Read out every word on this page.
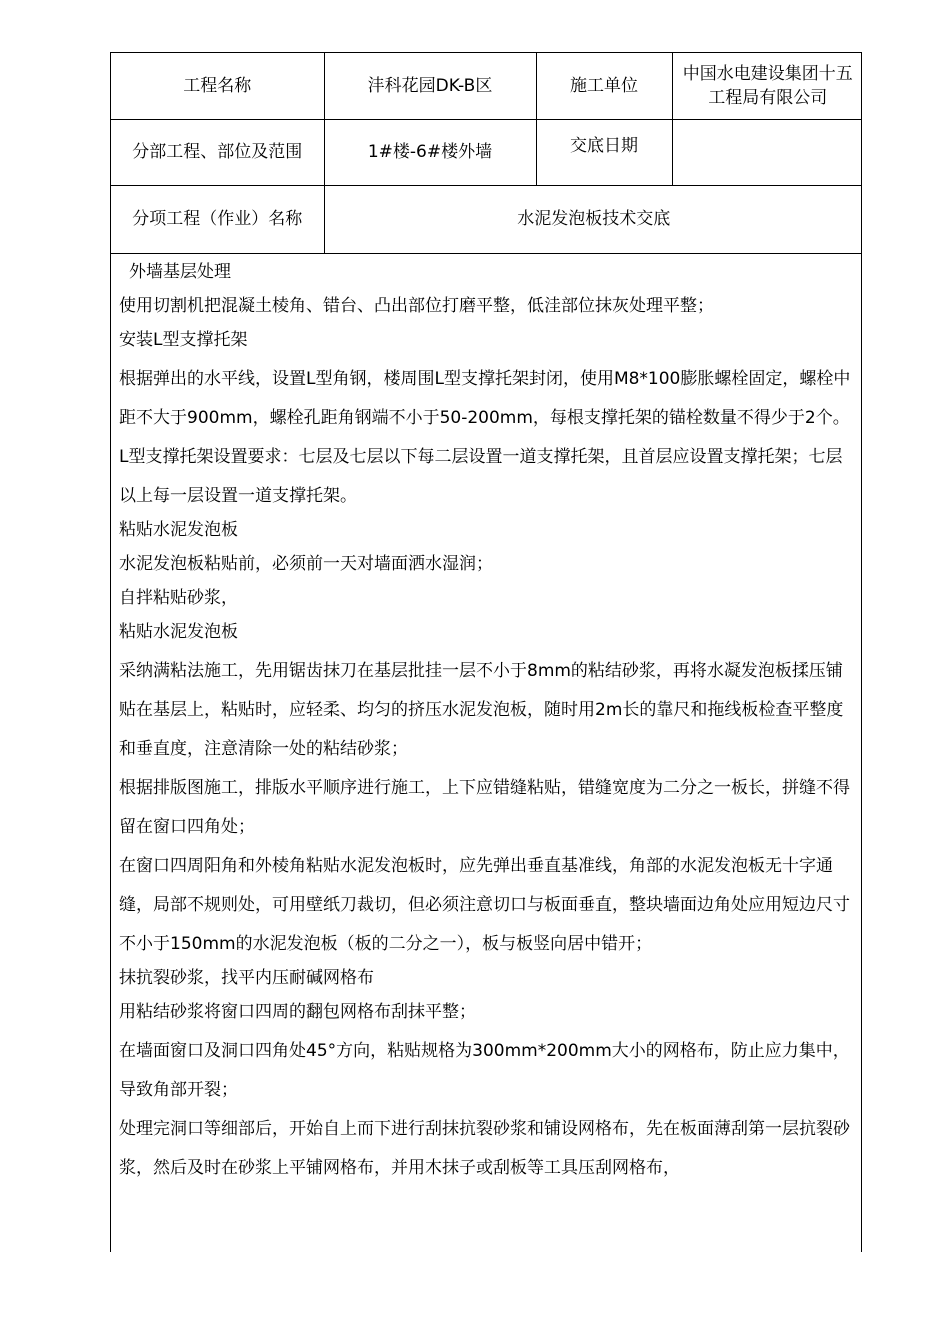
工程名称	沣科花园DK-B区	施工单位	中国水电建设集团十五工程局有限公司
分部工程、部位及范围	1#楼-6#楼外墙	交底日期	
分项工程（作业）名称	水泥发泡板技术交底		

外墙基层处理

使用切割机把混凝土棱角、错台、凸出部位打磨平整，低洼部位抹灰处理平整；

安装L型支撑托架

根据弹出的水平线，设置L型角钢，楼周围L型支撑托架封闭，使用M8*100膨胀螺栓固定，螺栓中距不大于900mm，螺栓孔距角钢端不小于50-200mm，每根支撑托架的锚栓数量不得少于2个。L型支撑托架设置要求：七层及七层以下每二层设置一道支撑托架，且首层应设置支撑托架；七层以上每一层设置一道支撑托架。

粘贴水泥发泡板

水泥发泡板粘贴前，必须前一天对墙面洒水湿润；

自拌粘贴砂浆，

粘贴水泥发泡板

采纳满粘法施工，先用锯齿抹刀在基层批挂一层不小于8mm的粘结砂浆，再将水凝发泡板揉压铺贴在基层上，粘贴时，应轻柔、均匀的挤压水泥发泡板，随时用2m长的靠尺和拖线板检查平整度和垂直度，注意清除一处的粘结砂浆；

根据排版图施工，排版水平顺序进行施工，上下应错缝粘贴，错缝宽度为二分之一板长，拼缝不得留在窗口四角处；

在窗口四周阳角和外棱角粘贴水泥发泡板时，应先弹出垂直基准线，角部的水泥发泡板无十字通缝，局部不规则处，可用壁纸刀裁切，但必须注意切口与板面垂直，整块墙面边角处应用短边尺寸不小于150mm的水泥发泡板（板的二分之一），板与板竖向居中错开；

抹抗裂砂浆，找平内压耐碱网格布

用粘结砂浆将窗口四周的翻包网格布刮抹平整；

在墙面窗口及洞口四角处45°方向，粘贴规格为300mm*200mm大小的网格布，防止应力集中，导致角部开裂；

处理完洞口等细部后，开始自上而下进行刮抹抗裂砂浆和铺设网格布，先在板面薄刮第一层抗裂砂浆，然后及时在砂浆上平铺网格布，并用木抹子或刮板等工具压刮网格布，
